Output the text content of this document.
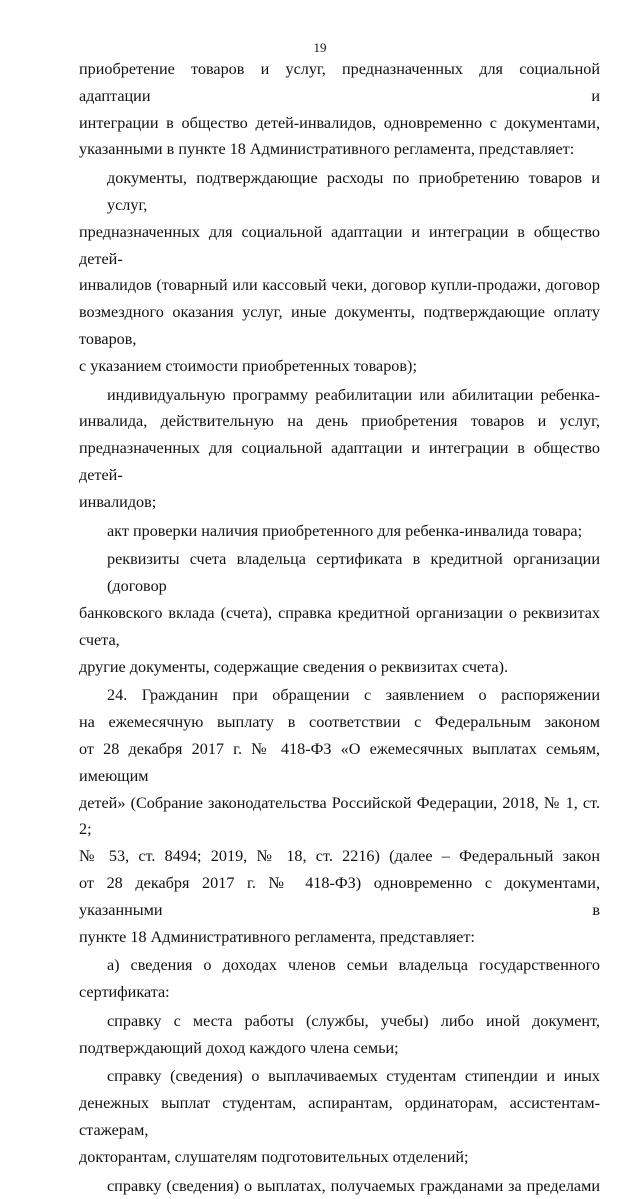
19
приобретение товаров и услуг, предназначенных для социальной адаптации и
интеграции в общество детей-инвалидов, одновременно с документами,
указанными в пункте 18 Административного регламента, представляет:
документы, подтверждающие расходы по приобретению товаров и услуг,
предназначенных для социальной адаптации и интеграции в общество детей-
инвалидов (товарный или кассовый чеки, договор купли-продажи, договор
возмездного оказания услуг, иные документы, подтверждающие оплату товаров,
с указанием стоимости приобретенных товаров);
индивидуальную программу реабилитации или абилитации ребенка-
инвалида, действительную на день приобретения товаров и услуг,
предназначенных для социальной адаптации и интеграции в общество детей-
инвалидов;
акт проверки наличия приобретенного для ребенка-инвалида товара;
реквизиты счета владельца сертификата в кредитной организации (договор
банковского вклада (счета), справка кредитной организации о реквизитах счета,
другие документы, содержащие сведения о реквизитах счета).
24. Гражданин при обращении с заявлением о распоряжении
на ежемесячную выплату в соответствии с Федеральным законом
от 28 декабря 2017 г. № 418-ФЗ «О ежемесячных выплатах семьям, имеющим
детей» (Собрание законодательства Российской Федерации, 2018, № 1, ст. 2;
№ 53, ст. 8494; 2019, № 18, ст. 2216) (далее – Федеральный закон
от 28 декабря 2017 г. № 418-ФЗ) одновременно с документами, указанными в
пункте 18 Административного регламента, представляет:
а) сведения о доходах членов семьи владельца государственного
сертификата:
справку с места работы (службы, учебы) либо иной документ,
подтверждающий доход каждого члена семьи;
справку (сведения) о выплачиваемых студентам стипендии и иных
денежных выплат студентам, аспирантам, ординаторам, ассистентам-стажерам,
докторантам, слушателям подготовительных отделений;
справку (сведения) о выплатах, получаемых гражданами за пределами
